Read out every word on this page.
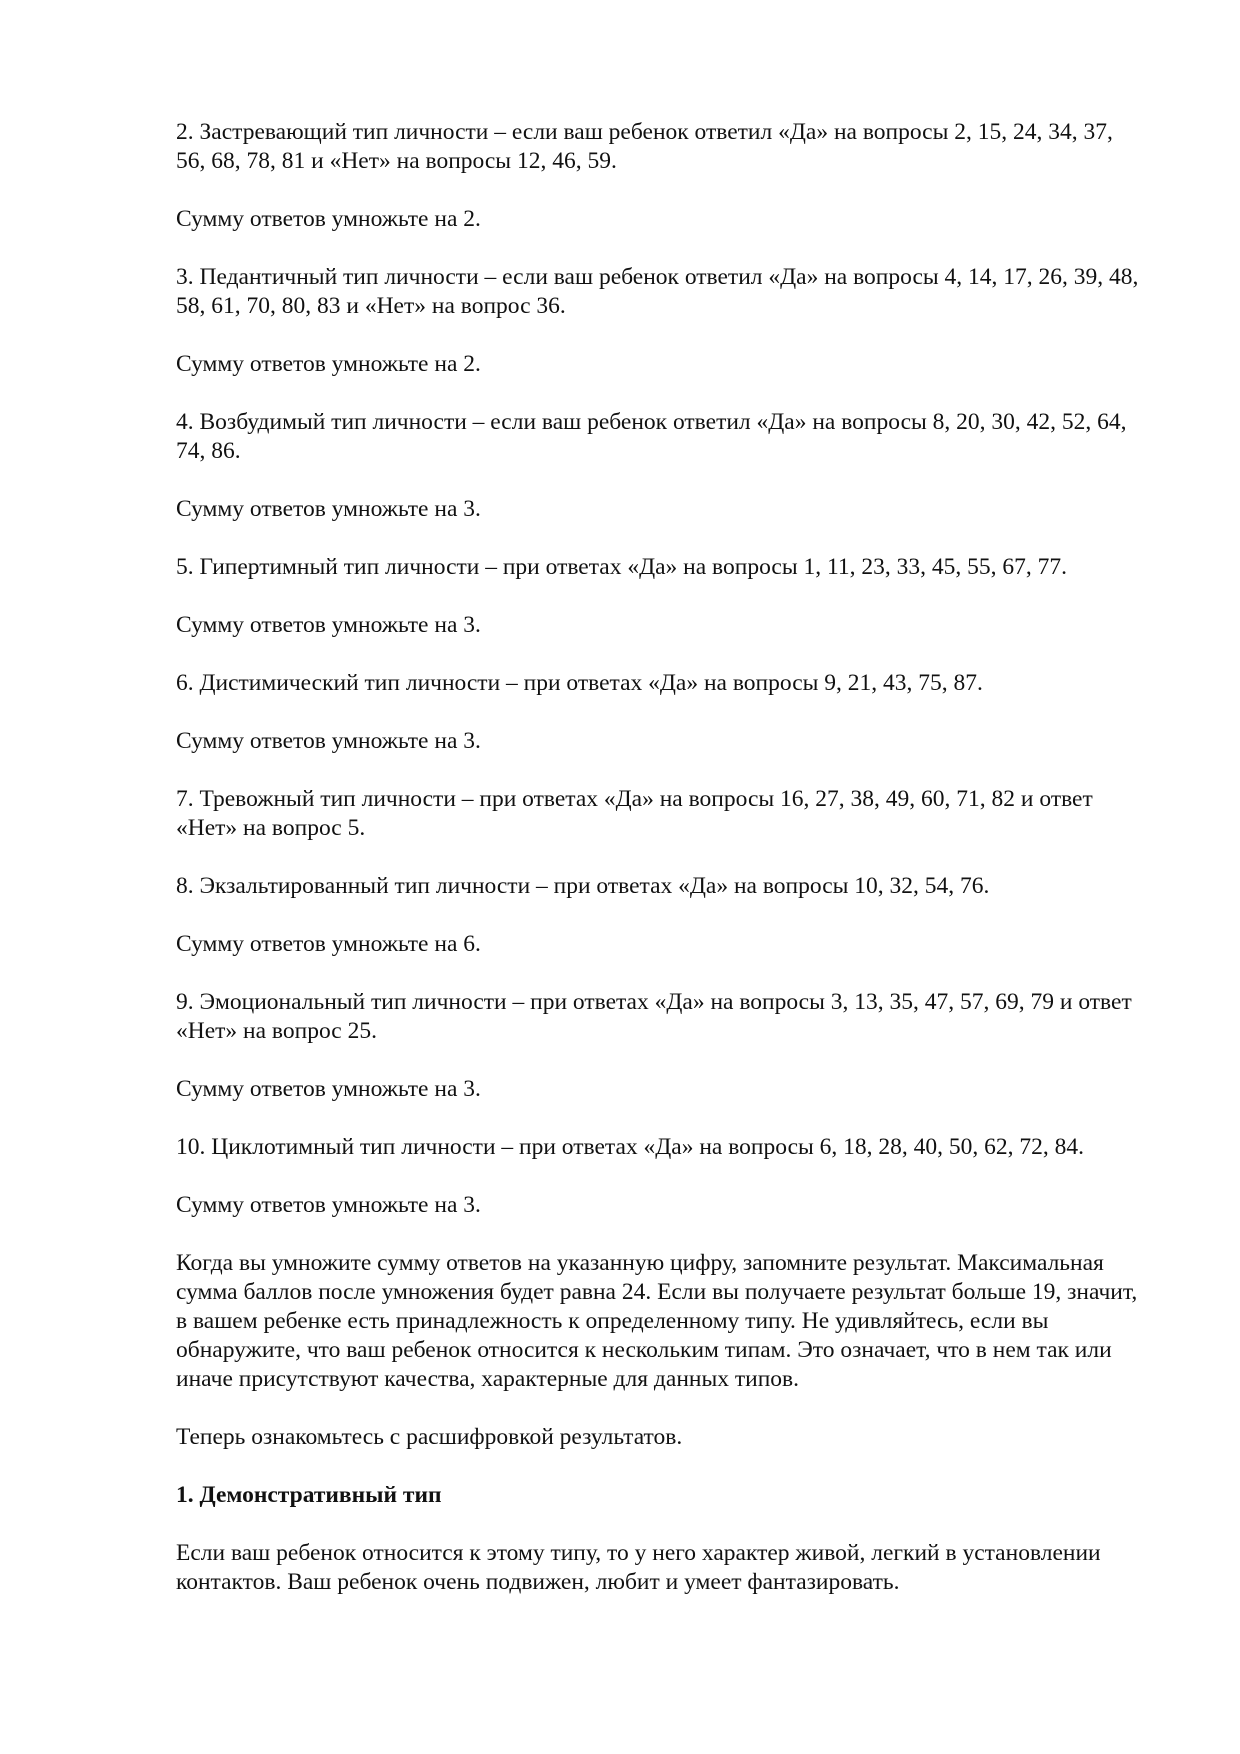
2. Застревающий тип личности – если ваш ребенок ответил «Да» на вопросы 2, 15, 24, 34, 37, 56, 68, 78, 81 и «Нет» на вопросы 12, 46, 59.

Сумму ответов умножьте на 2.

3. Педантичный тип личности – если ваш ребенок ответил «Да» на вопросы 4, 14, 17, 26, 39, 48, 58, 61, 70, 80, 83 и «Нет» на вопрос 36.

Сумму ответов умножьте на 2.

4. Возбудимый тип личности – если ваш ребенок ответил «Да» на вопросы 8, 20, 30, 42, 52, 64, 74, 86.

Сумму ответов умножьте на 3.

5. Гипертимный тип личности – при ответах «Да» на вопросы 1, 11, 23, 33, 45, 55, 67, 77.

Сумму ответов умножьте на 3.

6. Дистимический тип личности – при ответах «Да» на вопросы 9, 21, 43, 75, 87.

Сумму ответов умножьте на 3.

7. Тревожный тип личности – при ответах «Да» на вопросы 16, 27, 38, 49, 60, 71, 82 и ответ «Нет» на вопрос 5.

8. Экзальтированный тип личности – при ответах «Да» на вопросы 10, 32, 54, 76.

Сумму ответов умножьте на 6.

9. Эмоциональный тип личности – при ответах «Да» на вопросы 3, 13, 35, 47, 57, 69, 79 и ответ «Нет» на вопрос 25.

Сумму ответов умножьте на 3.

10. Циклотимный тип личности – при ответах «Да» на вопросы 6, 18, 28, 40, 50, 62, 72, 84.

Сумму ответов умножьте на 3.

Когда вы умножите сумму ответов на указанную цифру, запомните результат. Максимальная сумма баллов после умножения будет равна 24. Если вы получаете результат больше 19, значит, в вашем ребенке есть принадлежность к определенному типу. Не удивляйтесь, если вы обнаружите, что ваш ребенок относится к нескольким типам. Это означает, что в нем так или иначе присутствуют качества, характерные для данных типов.

Теперь ознакомьтесь с расшифровкой результатов.

1. Демонстративный тип

Если ваш ребенок относится к этому типу, то у него характер живой, легкий в установлении контактов. Ваш ребенок очень подвижен, любит и умеет фантазировать.
